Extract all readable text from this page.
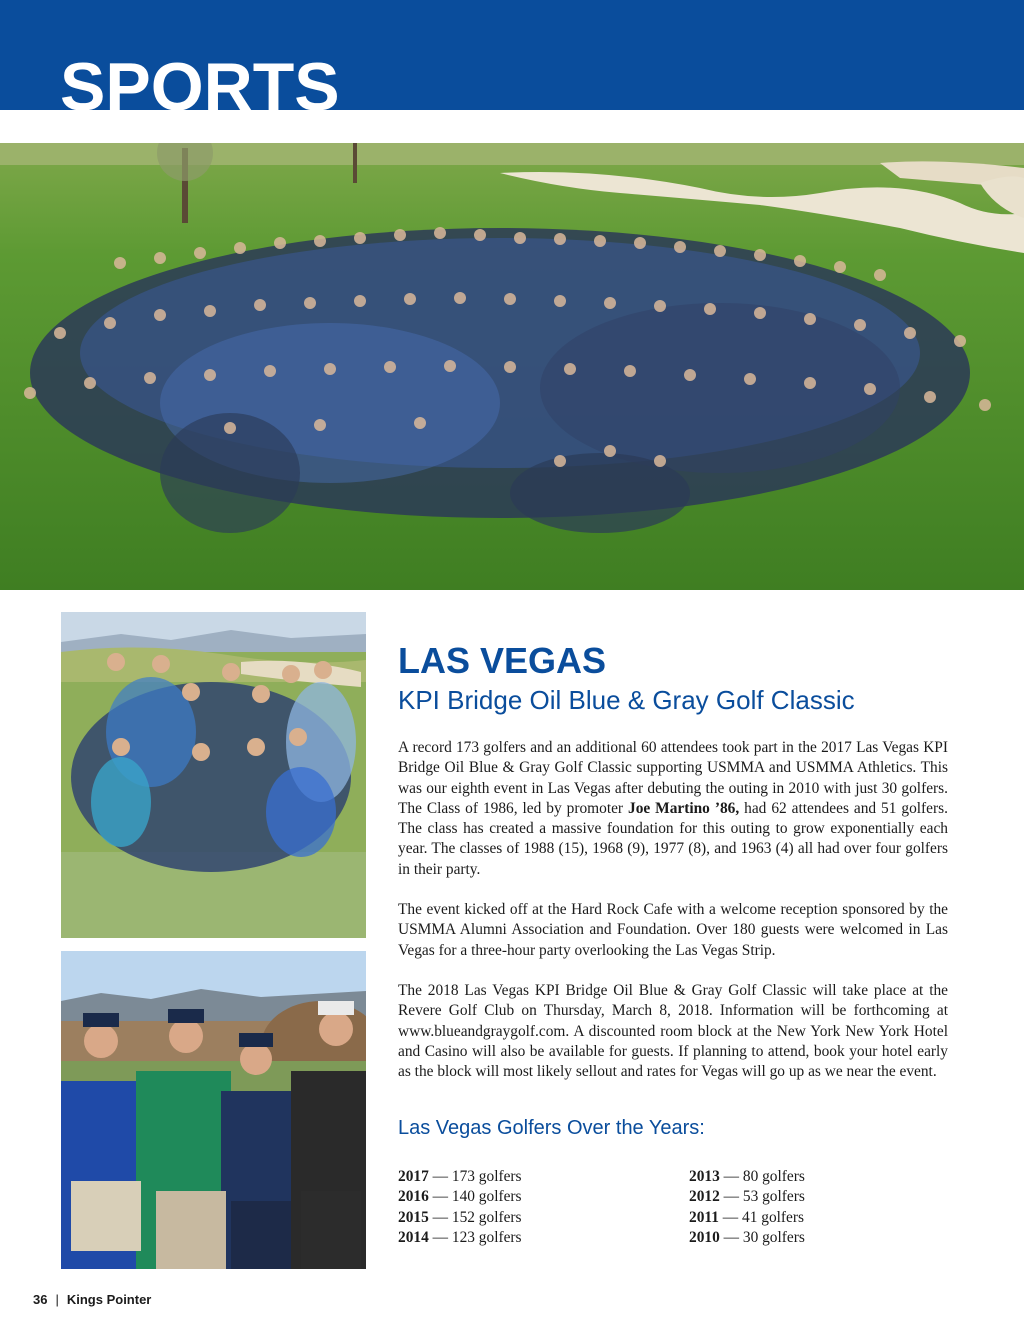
SPORTS
LAS VEGAS
KPI Bridge Oil Blue & Gray Golf Classic

A record 173 golfers and an additional 60 attendees took part in the 2017 Las Vegas KPI Bridge Oil Blue & Gray Golf Classic supporting USMMA and USMMA Athletics. This was our eighth event in Las Vegas after debuting the outing in 2010 with just 30 golfers. The Class of 1986, led by promoter Joe Martino ’86, had 62 attendees and 51 golfers. The class has created a massive foundation for this outing to grow exponentially each year. The classes of 1988 (15), 1968 (9), 1977 (8), and 1963 (4) all had over four golfers in their party.

The event kicked off at the Hard Rock Cafe with a welcome reception sponsored by the USMMA Alumni Association and Foundation. Over 180 guests were welcomed in Las Vegas for a three-hour party overlooking the Las Vegas Strip.

The 2018 Las Vegas KPI Bridge Oil Blue & Gray Golf Classic will take place at the Revere Golf Club on Thursday, March 8, 2018. Information will be forthcoming at www.blueandgraygolf.com. A discounted room block at the New York New York Hotel and Casino will also be available for guests. If planning to attend, book your hotel early as the block will most likely sellout and rates for Vegas will go up as we near the event.

Las Vegas Golfers Over the Years:
2017 — 173 golfers
2016 — 140 golfers
2015 — 152 golfers
2014 — 123 golfers
2013 — 80 golfers
2012 — 53 golfers
2011 — 41 golfers
2010 — 30 golfers
36 | Kings Pointer
